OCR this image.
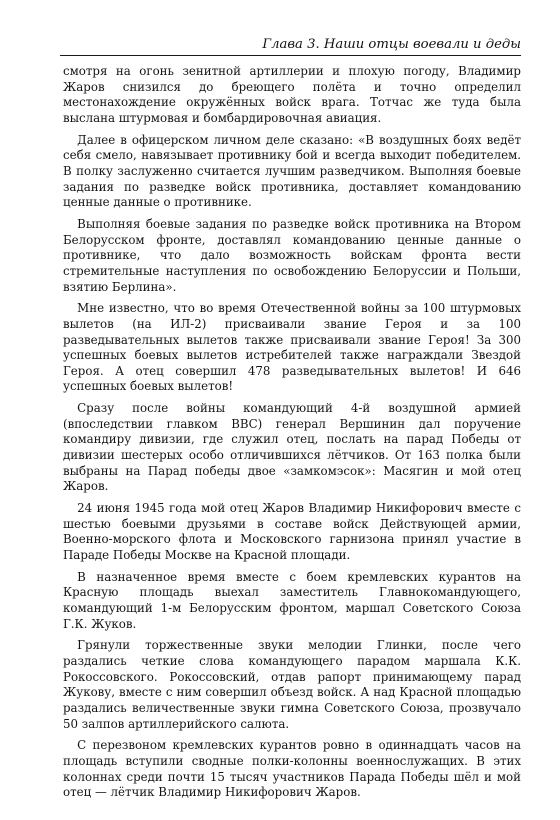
Глава 3. Наши отцы воевали и деды

смотря на огонь зенитной артиллерии и плохую погоду, Владимир Жаров снизился до бреющего полёта и точно определил местонахождение окружённых войск врага. Тотчас же туда была выслана штурмовая и бомбардировочная авиация.

Далее в офицерском личном деле сказано: «В воздушных боях ведёт себя смело, навязывает противнику бой и всегда выходит победителем. В полку заслуженно считается лучшим разведчиком. Выполняя боевые задания по разведке войск противника, доставляет командованию ценные данные о противнике.

Выполняя боевые задания по разведке войск противника на Втором Белорусском фронте, доставлял командованию ценные данные о противнике, что дало возможность войскам фронта вести стремительные наступления по освобождению Белоруссии и Польши, взятию Берлина».

Мне известно, что во время Отечественной войны за 100 штурмовых вылетов (на ИЛ-2) присваивали звание Героя и за 100 разведывательных вылетов также присваивали звание Героя! За 300 успешных боевых вылетов истребителей также награждали Звездой Героя. А отец совершил 478 разведывательных вылетов! И 646 успешных боевых вылетов!

Сразу после войны командующий 4-й воздушной армией (впоследствии главком ВВС) генерал Вершинин дал поручение командиру дивизии, где служил отец, послать на парад Победы от дивизии шестерых особо отличившихся лётчиков. От 163 полка были выбраны на Парад победы двое «замкомэсок»: Масягин и мой отец Жаров.

24 июня 1945 года мой отец Жаров Владимир Никифорович вместе с шестью боевыми друзьями в составе войск Действующей армии, Военно-морского флота и Московского гарнизона принял участие в Параде Победы Москве на Красной площади.

В назначенное время вместе с боем кремлевских курантов на Красную площадь выехал заместитель Главнокомандующего, командующий 1-м Белорусским фронтом, маршал Советского Союза Г.К. Жуков.

Грянули торжественные звуки мелодии Глинки, после чего раздались четкие слова командующего парадом маршала К.К. Рокоссовского. Рокоссовский, отдав рапорт принимающему парад Жукову, вместе с ним совершил объезд войск. А над Красной площадью раздались величественные звуки гимна Советского Союза, прозвучало 50 залпов артиллерийского салюта.

С перезвоном кремлевских курантов ровно в одиннадцать часов на площадь вступили сводные полки-колонны военнослужащих. В этих колоннах среди почти 15 тысяч участников Парада Победы шёл и мой отец — лётчик Владимир Никифорович Жаров.
